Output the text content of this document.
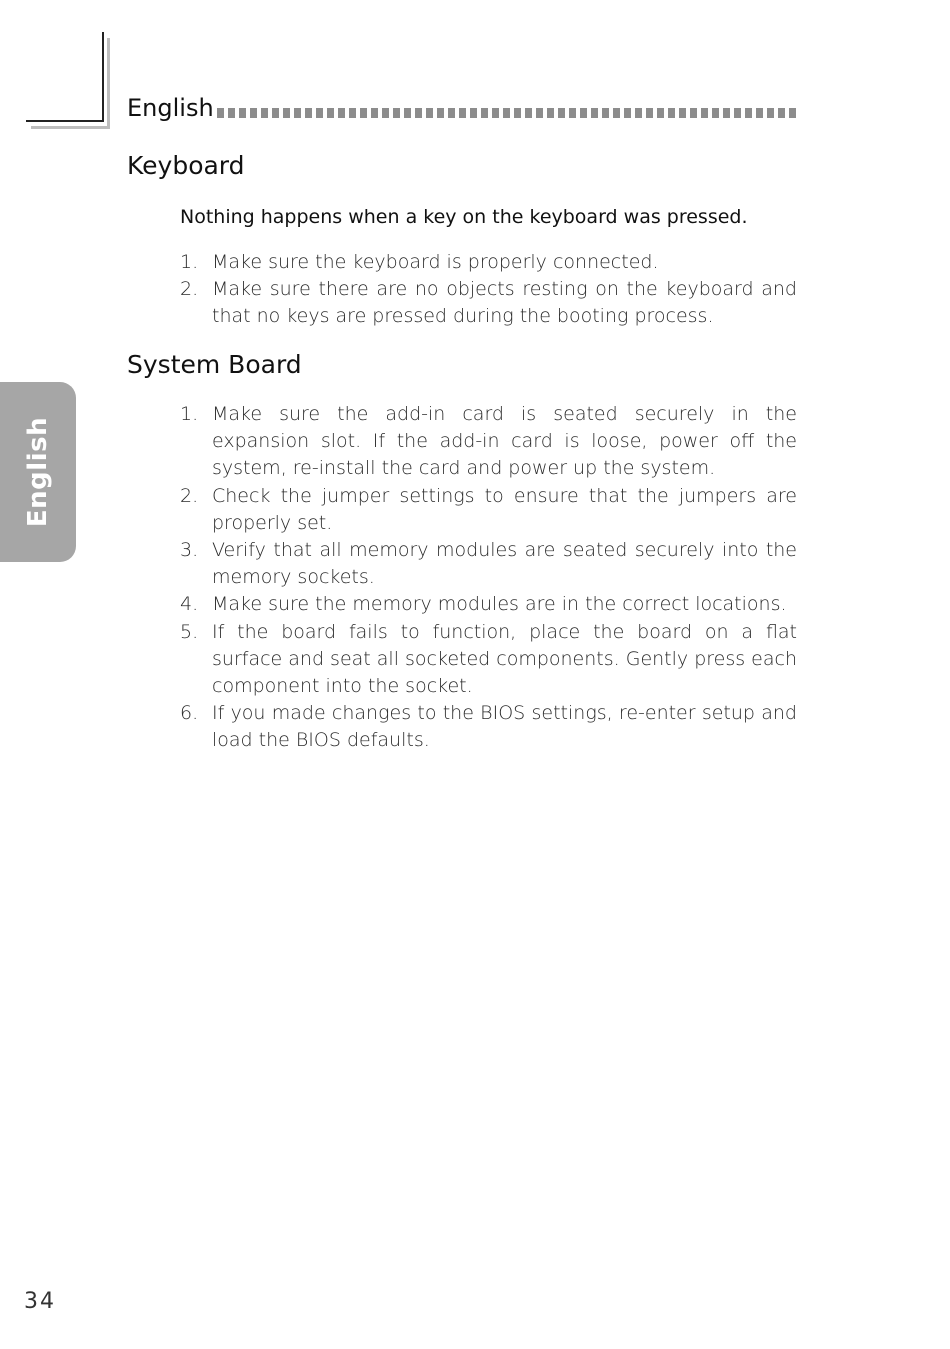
English
English
Keyboard
Nothing happens when a key on the keyboard was pressed.
1. Make sure the keyboard is properly connected.
2. Make sure there are no objects resting on the keyboard and that no keys are pressed during the booting process.
System Board
1. Make sure the add-in card is seated securely in the expansion slot. If the add-in card is loose, power off the system, re-install the card and power up the system.
2. Check the jumper settings to ensure that the jumpers are properly set.
3. Verify that all memory modules are seated securely into the memory sockets.
4. Make sure the memory modules are in the correct locations.
5. If the board fails to function, place the board on a flat surface and seat all socketed components. Gently press each component into the socket.
6. If you made changes to the BIOS settings, re-enter setup and load the BIOS defaults.
34
